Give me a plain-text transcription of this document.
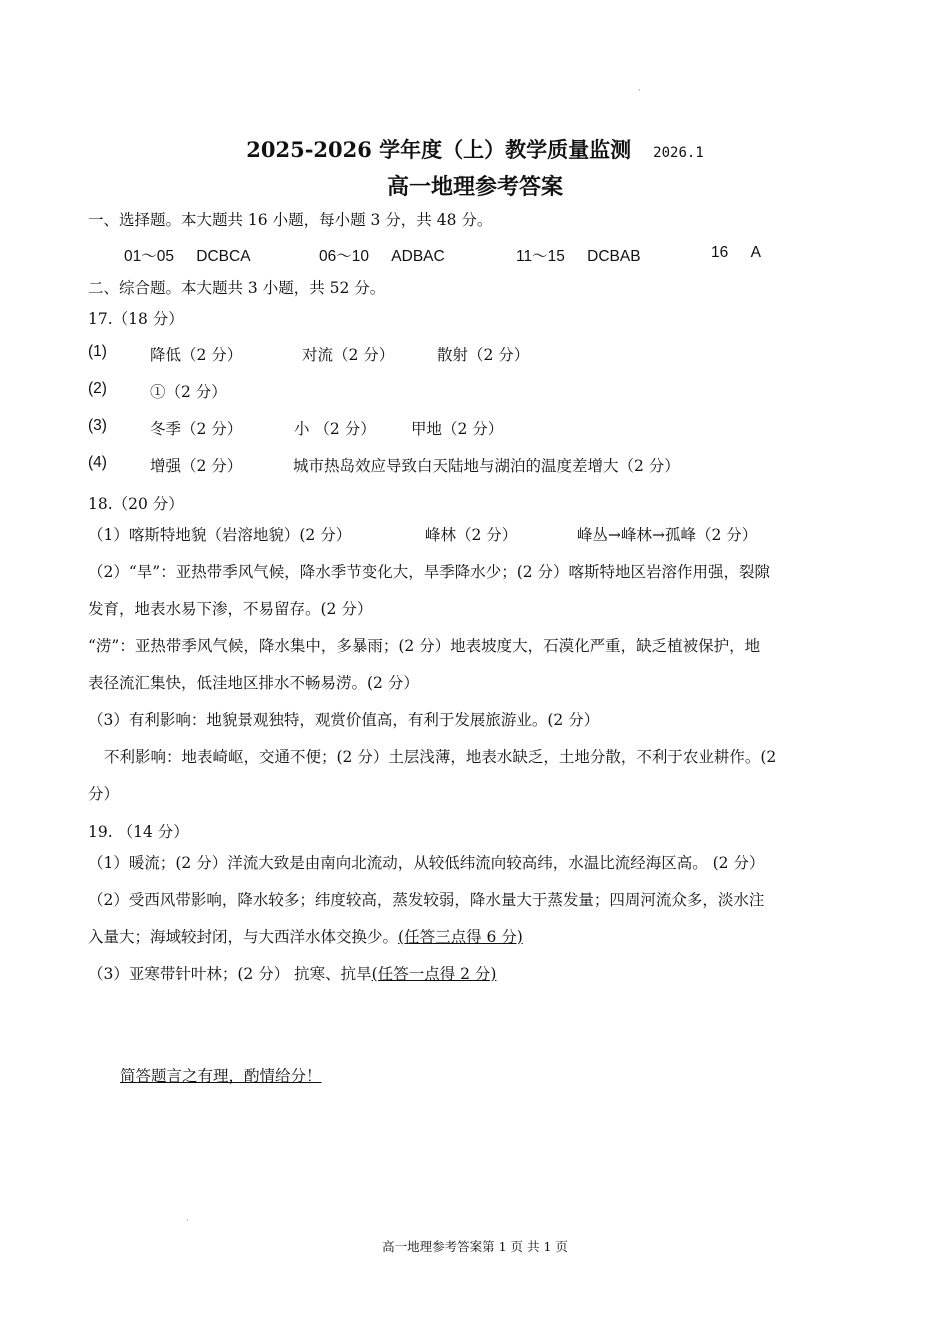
·
2025-2026 学年度（上）教学质量监测 2026.1
高一地理参考答案
一、选择题。本大题共 16 小题，每小题 3 分，共 48 分。
01～05 DCBCA	06～10 ADBAC	11～15 DCBAB	16 A
二、综合题。本大题共 3 小题，共 52 分。
17.（18 分）
(1)	降低（2 分）	对流（2 分）	散射（2 分）
(2)	①（2 分）
(3)	冬季（2 分）	小 （2 分） 甲地（2 分）
(4)	增强（2 分）	城市热岛效应导致白天陆地与湖泊的温度差增大（2 分）
18.（20 分）
（1）喀斯特地貌（岩溶地貌）(2 分）	峰林（2 分）	峰丛→峰林→孤峰（2 分）
（2）“旱”：亚热带季风气候，降水季节变化大，旱季降水少；(2 分）喀斯特地区岩溶作用强，裂隙
发育，地表水易下渗，不易留存。(2 分）
“涝”：亚热带季风气候，降水集中，多暴雨；(2 分）地表坡度大，石漠化严重，缺乏植被保护，地
表径流汇集快，低洼地区排水不畅易涝。(2 分）
（3）有利影响：地貌景观独特，观赏价值高，有利于发展旅游业。(2 分）
不利影响：地表崎岖，交通不便；(2 分）土层浅薄，地表水缺乏，土地分散，不利于农业耕作。(2
分）
19. （14 分）
（1）暖流；(2 分）洋流大致是由南向北流动，从较低纬流向较高纬，水温比流经海区高。 (2 分）
（2）受西风带影响，降水较多；纬度较高，蒸发较弱，降水量大于蒸发量；四周河流众多，淡水注
入量大；海域较封闭，与大西洋水体交换少。(任答三点得 6 分)
（3）亚寒带针叶林；(2 分） 抗寒、抗旱(任答一点得 2 分)
简答题言之有理，酌情给分！
·
高一地理参考答案第 1 页 共 1 页
